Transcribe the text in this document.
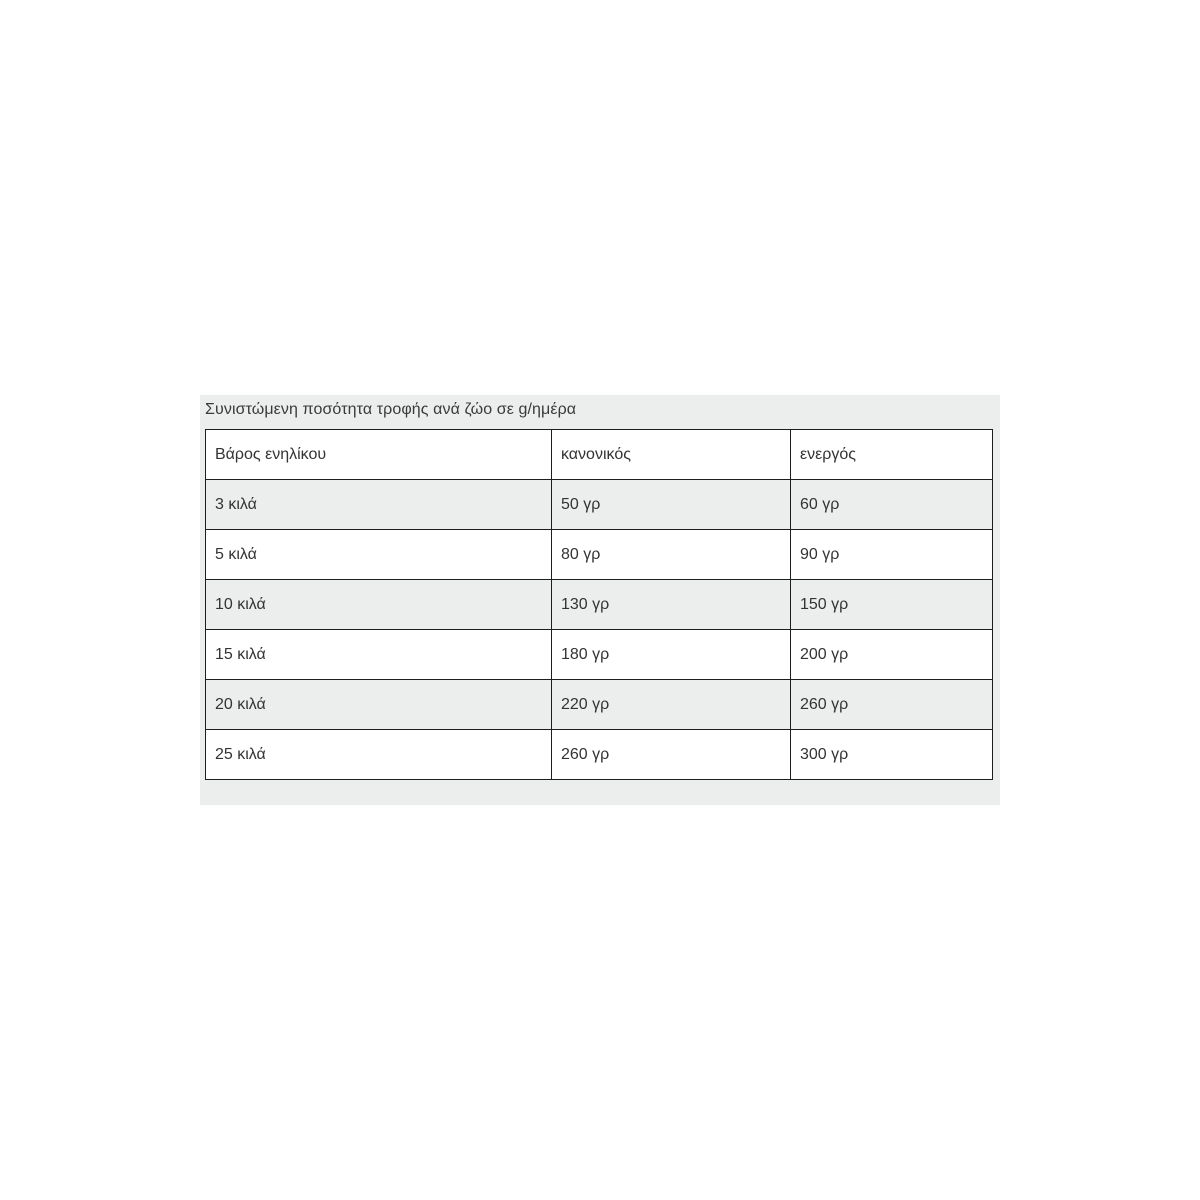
Συνιστώμενη ποσότητα τροφής ανά ζώο σε g/ημέρα
Βάρος ενηλίκου	κανονικός	ενεργός
3 κιλά	50 γρ	60 γρ
5 κιλά	80 γρ	90 γρ
10 κιλά	130 γρ	150 γρ
15 κιλά	180 γρ	200 γρ
20 κιλά	220 γρ	260 γρ
25 κιλά	260 γρ	300 γρ
